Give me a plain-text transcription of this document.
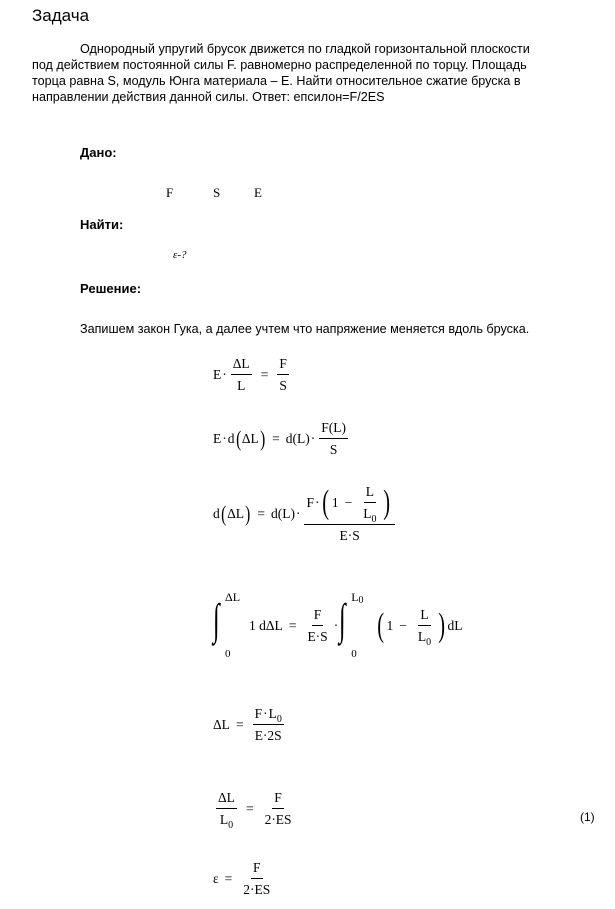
Задача
Однородный упругий брусок движется по гладкой горизонтальной плоскости
под действием постоянной силы F. равномерно распределенной по торцу. Площадь
торца равна S, модуль Юнга материала – E. Найти относительное сжатие бруска в
направлении действия данной силы. Ответ: епсилон=F/2ES
Дано:
F	S	E
Найти:
ε-?
Решение:
Запишем закон Гука, а далее учтем что напряжение меняется вдоль бруска.
$E \cdot \frac{\Delta L}{L} = \frac{F}{S}$
E · d ( ΔL ) = $d(L) \cdot \frac{F(L)}{S}$
d ( ΔL ) = $d(L) \cdot \frac{F \cdot ( 1 - \frac{L}{L_0} )}{E\cdot S}$
∫ ΔL
0
1 $d\Delta L = \frac{F}{E\cdot S}$ · ∫ L0
0
( $1 - \frac{L}{L_0}$ ) dL
$\Delta L = \frac{F\cdot L_0}{E\cdot 2S}$
$\frac{\Delta L}{L_0} = \frac{F}{2\cdot ES}$	(1)
$\varepsilon = \frac{F}{2\cdot ES}$
